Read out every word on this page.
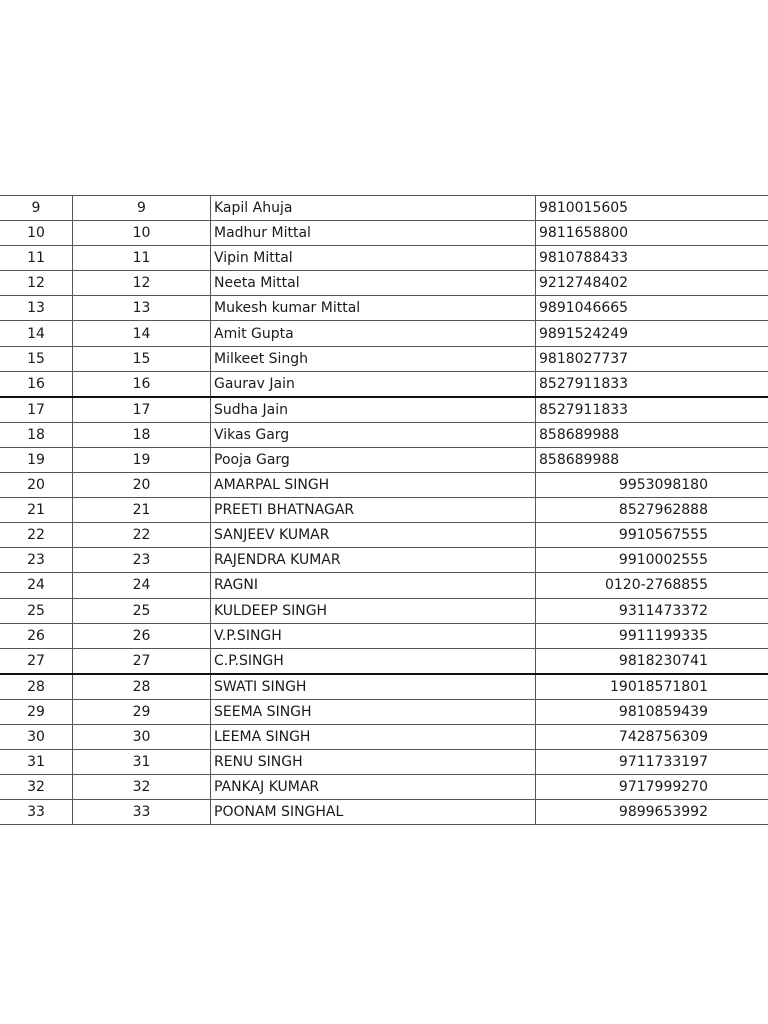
9	9	Kapil Ahuja	9810015605
10	10	Madhur Mittal	9811658800
11	11	Vipin Mittal	9810788433
12	12	Neeta Mittal	9212748402
13	13	Mukesh kumar Mittal	9891046665
14	14	Amit Gupta	9891524249
15	15	Milkeet Singh	9818027737
16	16	Gaurav Jain	8527911833
17	17	Sudha Jain	8527911833
18	18	Vikas Garg	858689988
19	19	Pooja Garg	858689988
20	20	AMARPAL SINGH	9953098180
21	21	PREETI BHATNAGAR	8527962888
22	22	SANJEEV KUMAR	9910567555
23	23	RAJENDRA KUMAR	9910002555
24	24	RAGNI	0120-2768855
25	25	KULDEEP SINGH	9311473372
26	26	V.P.SINGH	9911199335
27	27	C.P.SINGH	9818230741
28	28	SWATI SINGH	19018571801
29	29	SEEMA SINGH	9810859439
30	30	LEEMA SINGH	7428756309
31	31	RENU SINGH	9711733197
32	32	PANKAJ KUMAR	9717999270
33	33	POONAM SINGHAL	9899653992
